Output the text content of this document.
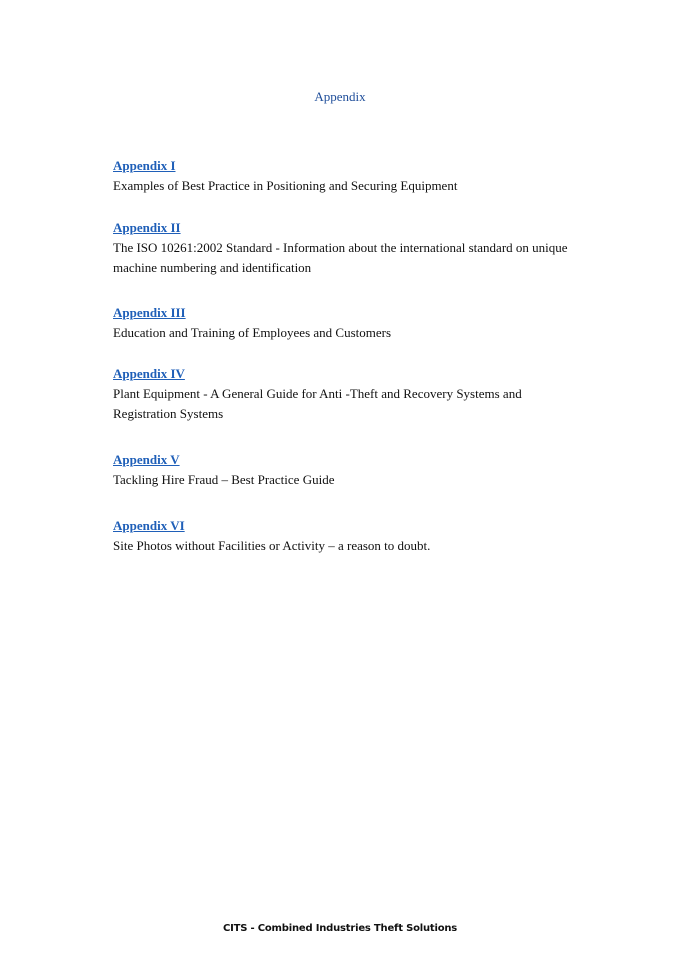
Appendix
Appendix I
Examples of Best Practice in Positioning and Securing Equipment
Appendix II
The ISO 10261:2002 Standard - Information about the international standard on unique machine numbering and identification
Appendix III
Education and Training of Employees and Customers
Appendix IV
Plant Equipment - A General Guide for Anti -Theft and Recovery Systems and Registration Systems
Appendix V
Tackling Hire Fraud – Best Practice Guide
Appendix VI
Site Photos without Facilities or Activity – a reason to doubt.
CITS - Combined Industries Theft Solutions
